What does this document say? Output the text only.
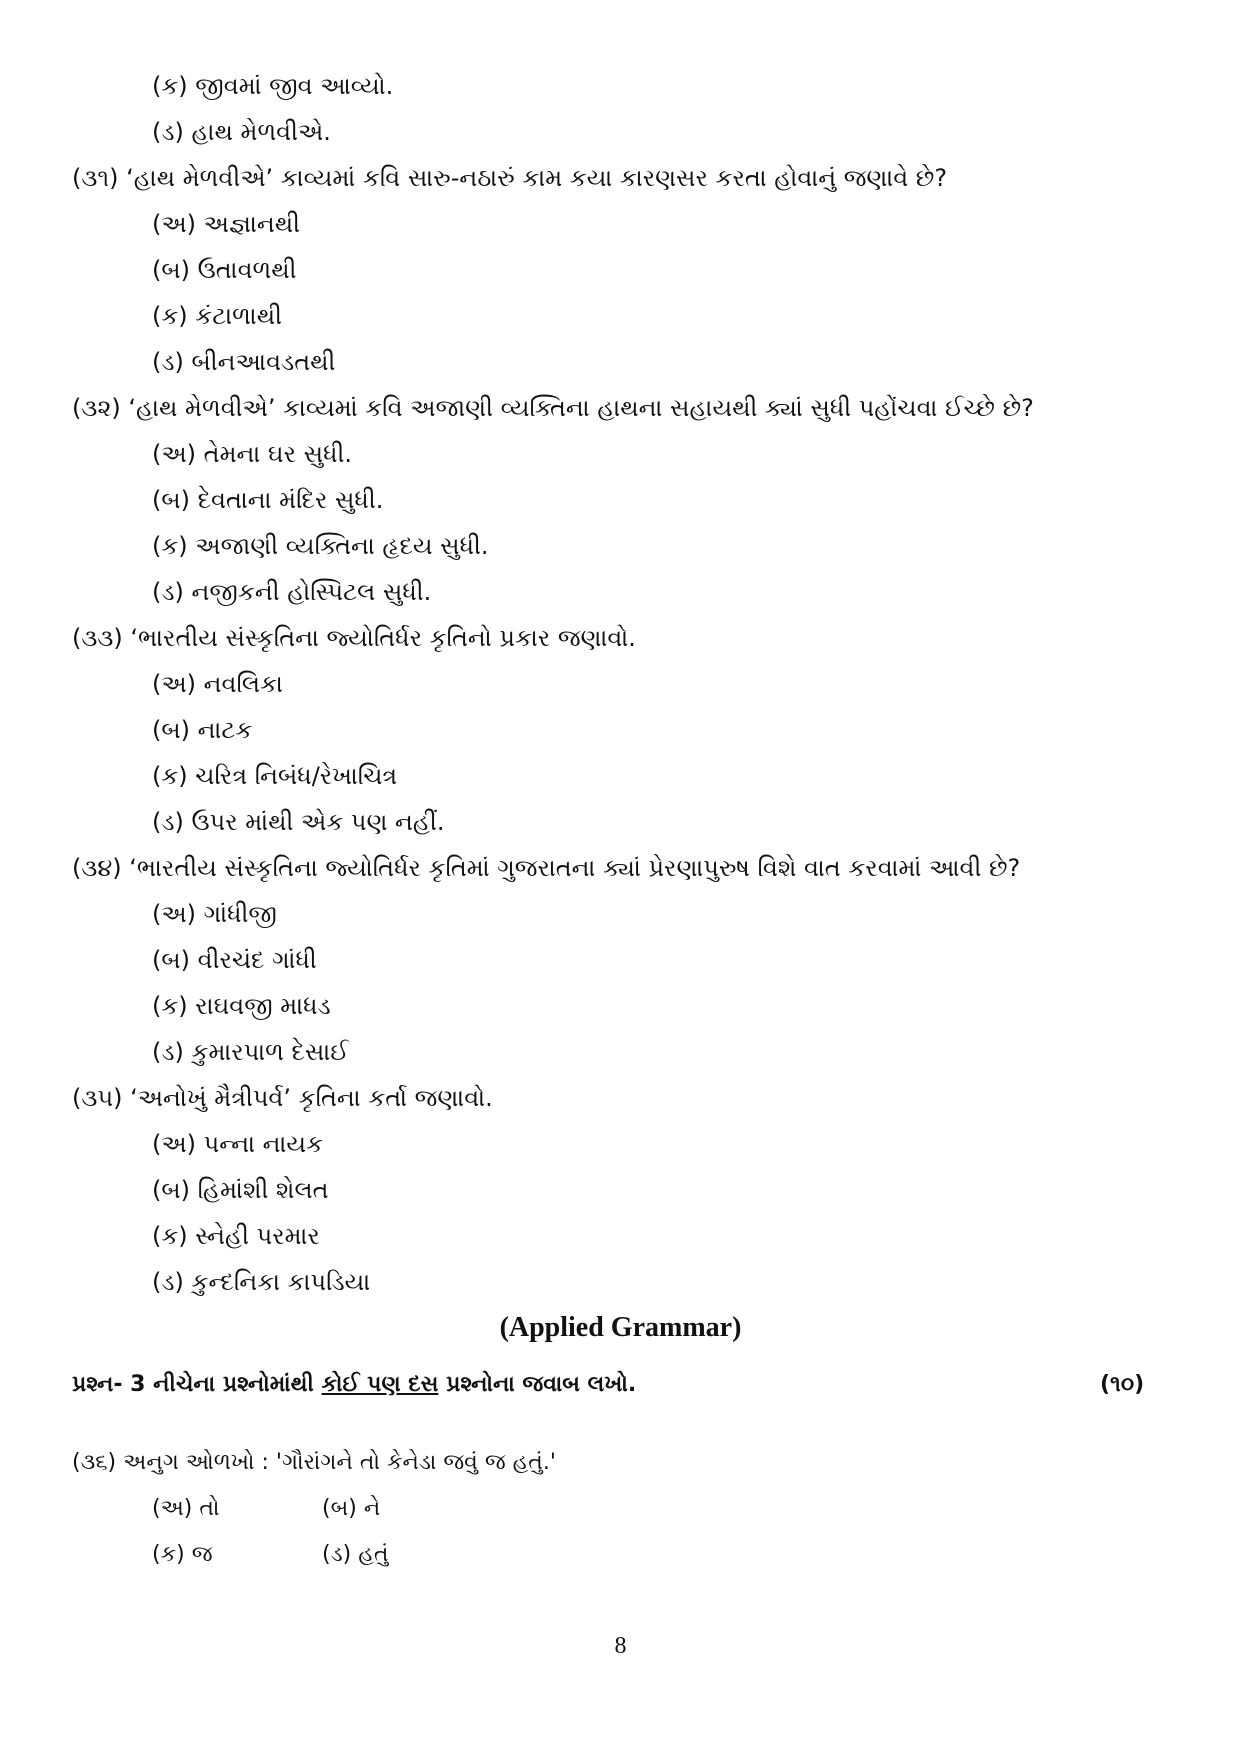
(ક) જીવમાં જીવ આવ્યો.
(ડ) હાથ મેળવીએ.
(૩૧) ‘હાથ મેળવીએ’ કાવ્યમાં કવિ સારુ-નઠારું કામ કયા કારણસર કરતા હોવાનું જણાવે છે?
(અ) અજ્ઞાનથી
(બ) ઉતાવળથી
(ક) કંટાળાથી
(ડ) બીનઆવડતથી
(૩૨) ‘હાથ મેળવીએ’ કાવ્યમાં કવિ અજાણી વ્યક્તિના હાથના સહાયથી ક્યાં સુધી પહોંચવા ઈચ્છે છે?
(અ) તેમના ઘર સુધી.
(બ) દેવતાના મંદિર સુધી.
(ક) અજાણી વ્યક્તિના હૃદય સુધી.
(ડ) નજીકની હોસ્પિટલ સુધી.
(૩૩) ‘ભારતીય સંસ્કૃતિના જ્યોતિર્ધર કૃતિનો પ્રકાર જણાવો.
(અ) નવલિકા
(બ) નાટક
(ક) ચરિત્ર નિબંધ/રેખાચિત્ર
(ડ) ઉપર માંથી એક પણ નહીં.
(૩૪) ‘ભારતીય સંસ્કૃતિના જ્યોતિર્ધર કૃતિમાં ગુજરાતના ક્યાં પ્રેરણાપુરુષ વિશે વાત કરવામાં આવી છે?
(અ) ગાંધીજી
(બ) વીરચંદ ગાંધી
(ક) રાઘવજી માધડ
(ડ) કુમારપાળ દેસાઈ
(૩૫) ‘અનોખું મૈત્રીપર્વ’ કૃતિના કર્તા જણાવો.
(અ) પન્ના નાયક
(બ) હિમાંશી શેલત
(ક) સ્નેહી પરમાર
(ડ) કુન્દનિકા કાપડિયા
(Applied Grammar)
પ્રશ્ન- 3 નીચેના પ્રશ્નોમાંથી કોઈ પણ દસ પ્રશ્નોના જવાબ લખો.	(૧૦)
(૩૬) અનુગ ઓળખો : 'ગૌરાંગને તો કેનેડા જવું જ હતું.'
(અ) તો	(બ) ને
(ક) જ	(ડ) હતું
8
